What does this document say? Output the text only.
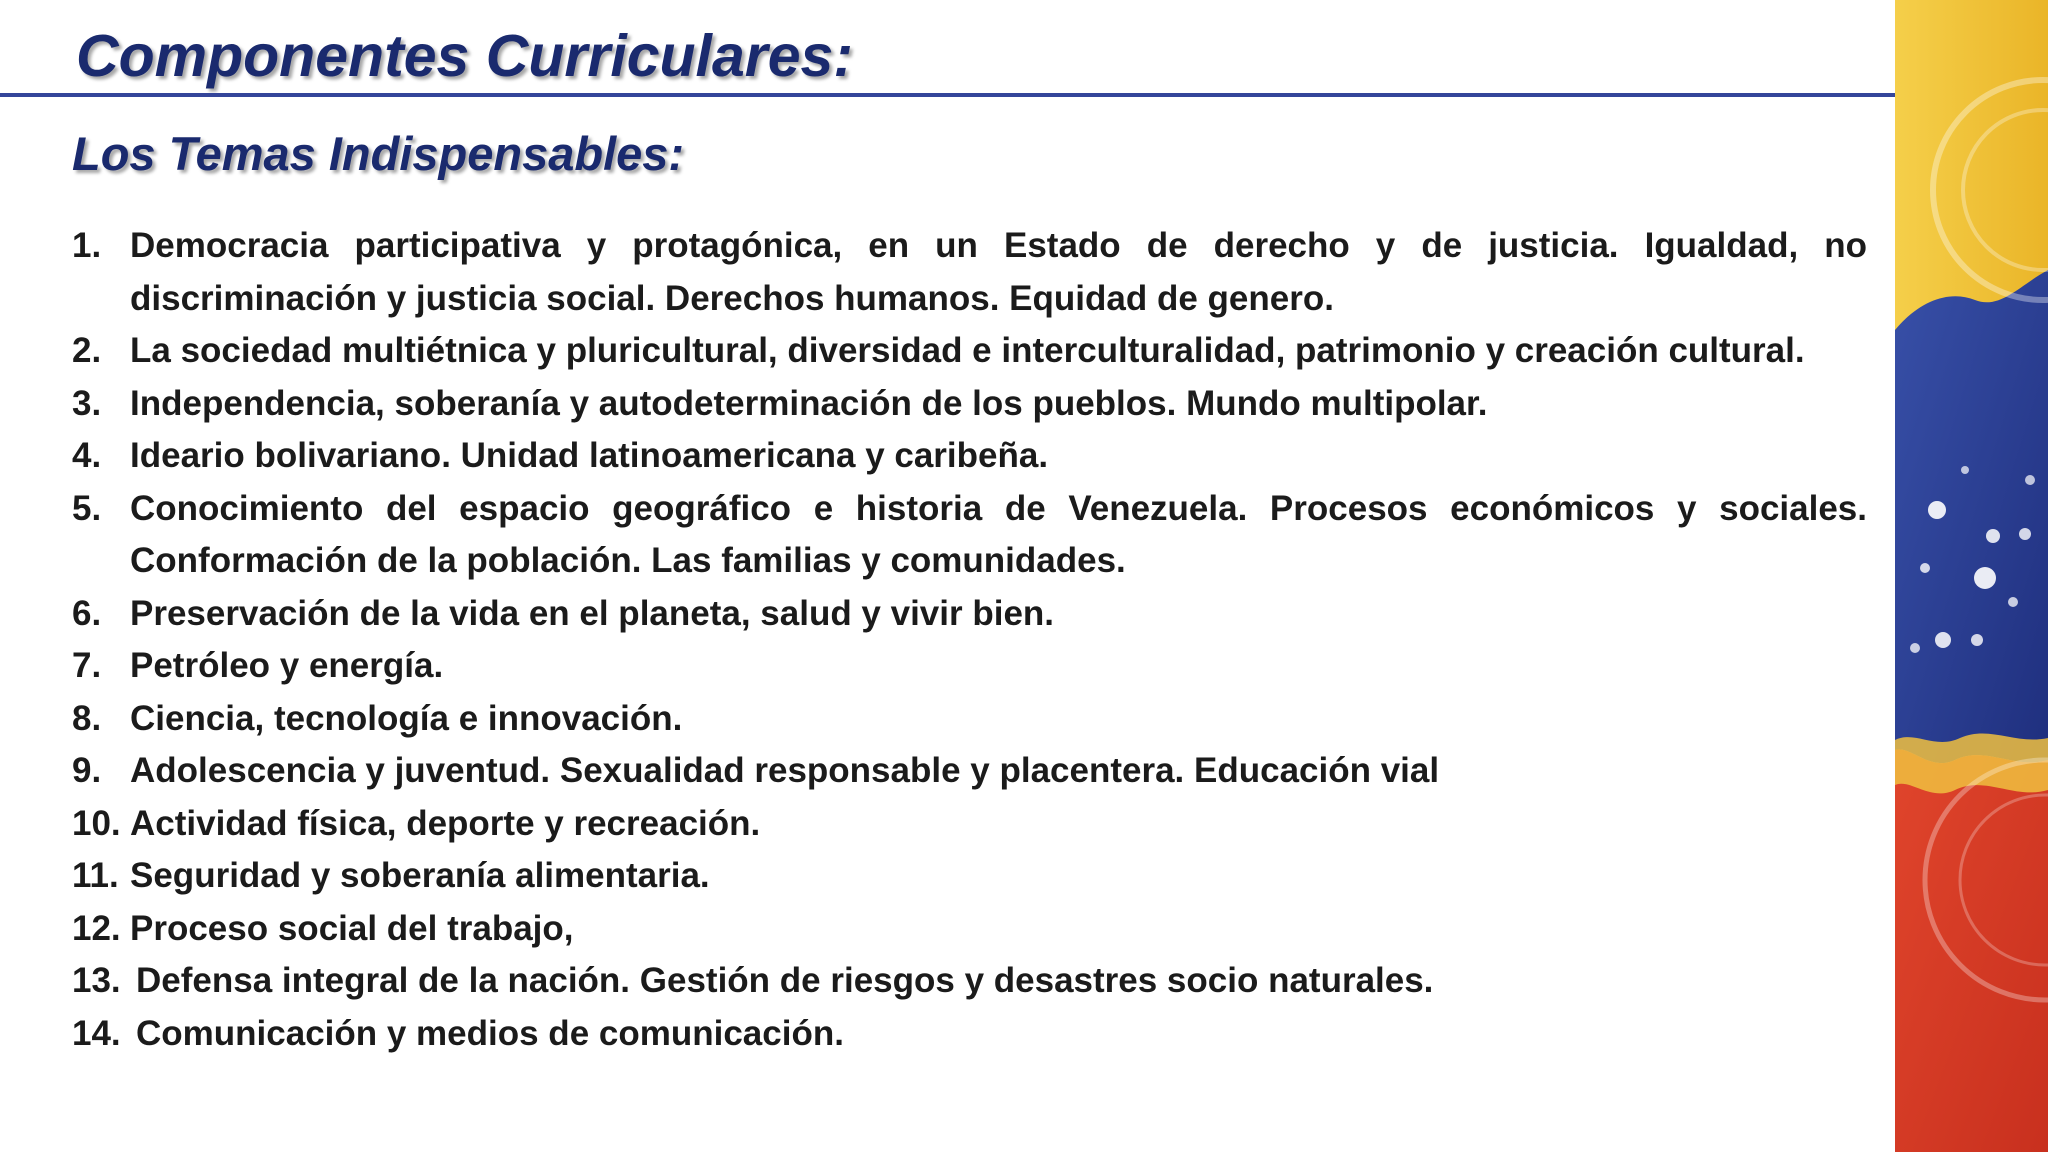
Componentes Curriculares:
Los Temas Indispensables:
1. Democracia participativa y protagónica, en un Estado de derecho y de justicia. Igualdad, no discriminación y justicia social. Derechos humanos. Equidad de genero.
2. La sociedad multiétnica y pluricultural, diversidad e interculturalidad, patrimonio y creación cultural.
3. Independencia, soberanía y autodeterminación de los pueblos. Mundo multipolar.
4. Ideario bolivariano. Unidad latinoamericana y caribeña.
5. Conocimiento del espacio geográfico e historia de Venezuela. Procesos económicos y sociales. Conformación de la población. Las familias y comunidades.
6. Preservación de la vida en el planeta, salud y vivir bien.
7. Petróleo y energía.
8. Ciencia, tecnología e innovación.
9. Adolescencia y juventud. Sexualidad responsable y placentera. Educación vial
10. Actividad física, deporte y recreación.
11. Seguridad y soberanía alimentaria.
12. Proceso social del trabajo,
13. Defensa integral de la nación. Gestión de riesgos y desastres socio naturales.
14. Comunicación y medios de comunicación.
